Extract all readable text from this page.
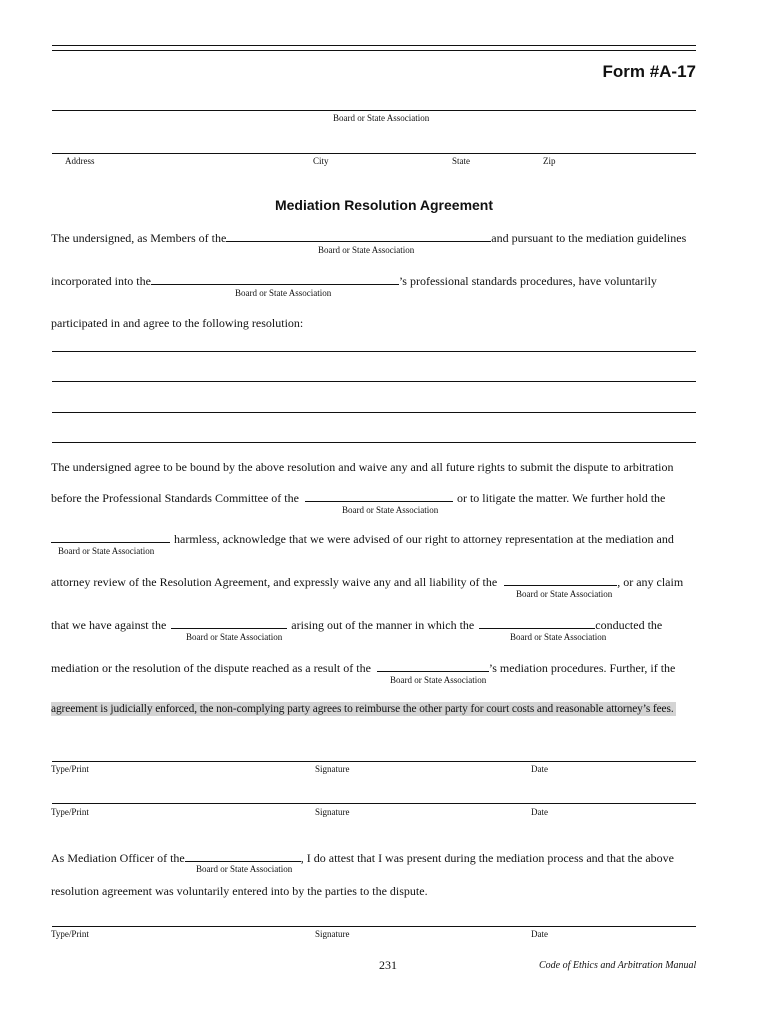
Form #A-17
Board or State Association
Address	City	State	Zip
Mediation Resolution Agreement
The undersigned, as Members of the	and pursuant to the mediation guidelines
Board or State Association
incorporated into the	’s professional standards procedures, have voluntarily
Board or State Association
participated in and agree to the following resolution:
The undersigned agree to be bound by the above resolution and waive any and all future rights to submit the dispute to arbitration
before the Professional Standards Committee of the	or to litigate the matter. We further hold the
Board or State Association
harmless, acknowledge that we were advised of our right to attorney representation at the mediation and
Board or State Association
attorney review of the Resolution Agreement, and expressly waive any and all liability of the	, or any claim
Board or State Association
that we have against the	arising out of the manner in which the	conducted the
Board or State Association	Board or State Association
mediation or the resolution of the dispute reached as a result of the	’s mediation procedures. Further, if the
Board or State Association
agreement is judicially enforced, the non-complying party agrees to reimburse the other party for court costs and reasonable attorney’s fees.
Type/Print	Signature	Date
Type/Print	Signature	Date
As Mediation Officer of the	, I do attest that I was present during the mediation process and that the above
Board or State Association
resolution agreement was voluntarily entered into by the parties to the dispute.
Type/Print	Signature	Date
231	Code of Ethics and Arbitration Manual
